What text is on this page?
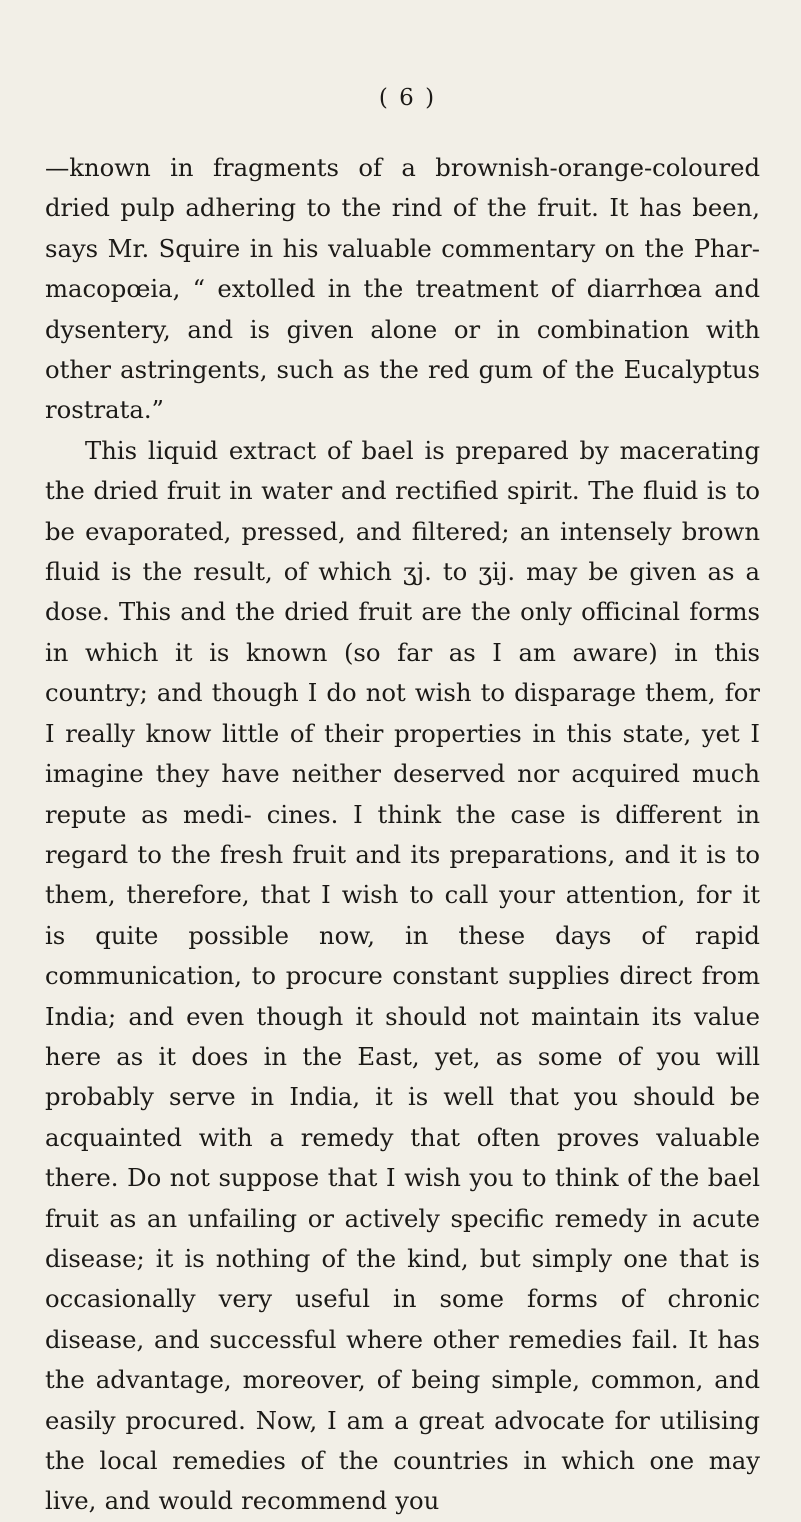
( 6 )

—known in fragments of a brownish-orange-coloured dried pulp adhering to the rind of the fruit. It has been, says Mr. Squire in his valuable commentary on the Phar- macopœia, “ extolled in the treatment of diarrhœa and dysentery, and is given alone or in combination with other astringents, such as the red gum of the Eucalyptus rostrata.”

This liquid extract of bael is prepared by macerating the dried fruit in water and rectified spirit. The fluid is to be evaporated, pressed, and filtered; an intensely brown fluid is the result, of which ʒj. to ʒij. may be given as a dose. This and the dried fruit are the only officinal forms in which it is known (so far as I am aware) in this country; and though I do not wish to disparage them, for I really know little of their properties in this state, yet I imagine they have neither deserved nor acquired much repute as medi- cines. I think the case is different in regard to the fresh fruit and its preparations, and it is to them, therefore, that I wish to call your attention, for it is quite possible now, in these days of rapid communication, to procure constant supplies direct from India; and even though it should not maintain its value here as it does in the East, yet, as some of you will probably serve in India, it is well that you should be acquainted with a remedy that often proves valuable there. Do not suppose that I wish you to think of the bael fruit as an unfailing or actively specific remedy in acute disease; it is nothing of the kind, but simply one that is occasionally very useful in some forms of chronic disease, and successful where other remedies fail. It has the advantage, moreover, of being simple, common, and easily procured. Now, I am a great advocate for utilising the local remedies of the countries in which one may live, and would recommend you
